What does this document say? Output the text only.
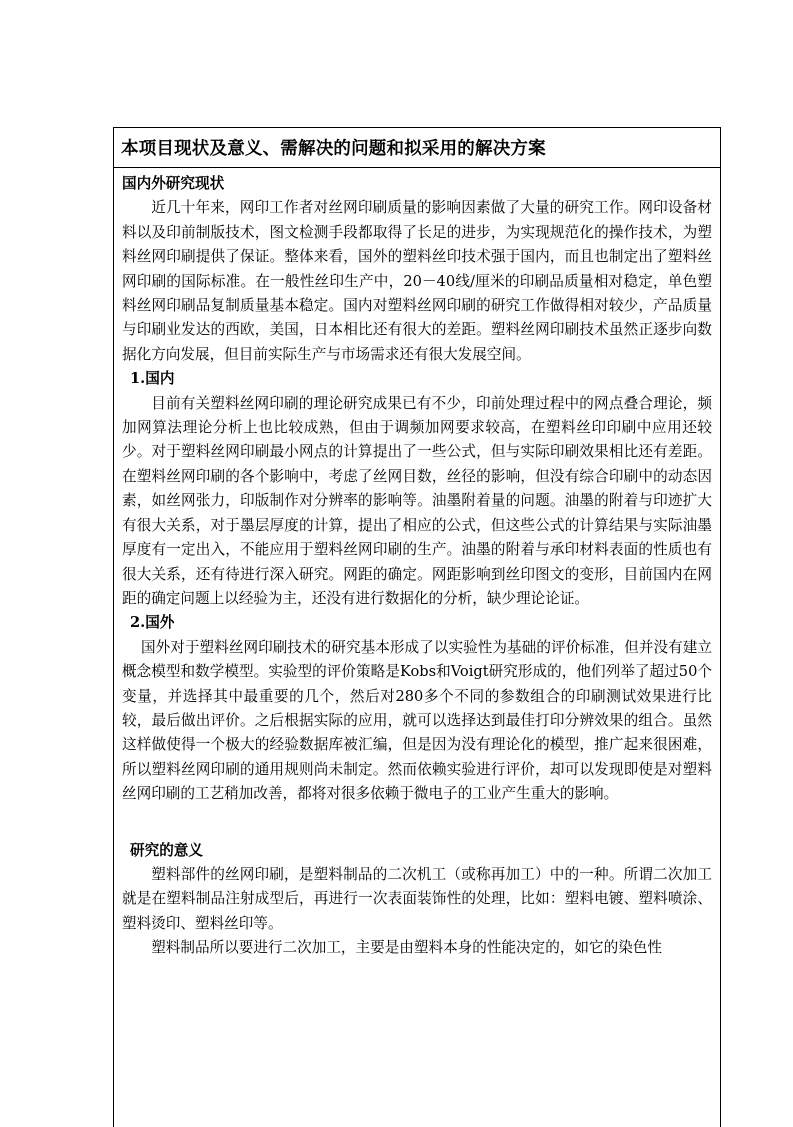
本项目现状及意义、需解决的问题和拟采用的解决方案

国内外研究现状

近几十年来，网印工作者对丝网印刷质量的影响因素做了大量的研究工作。网印设备材料以及印前制版技术，图文检测手段都取得了长足的进步，为实现规范化的操作技术，为塑料丝网印刷提供了保证。整体来看，国外的塑料丝印技术强于国内，而且也制定出了塑料丝网印刷的国际标准。在一般性丝印生产中，20－40线/厘米的印刷品质量相对稳定，单色塑料丝网印刷品复制质量基本稳定。国内对塑料丝网印刷的研究工作做得相对较少，产品质量与印刷业发达的西欧，美国，日本相比还有很大的差距。塑料丝网印刷技术虽然正逐步向数据化方向发展，但目前实际生产与市场需求还有很大发展空间。

1.国内

目前有关塑料丝网印刷的理论研究成果已有不少，印前处理过程中的网点叠合理论，频加网算法理论分析上也比较成熟，但由于调频加网要求较高，在塑料丝印印刷中应用还较少。对于塑料丝网印刷最小网点的计算提出了一些公式，但与实际印刷效果相比还有差距。在塑料丝网印刷的各个影响中，考虑了丝网目数，丝径的影响，但没有综合印刷中的动态因素，如丝网张力，印版制作对分辨率的影响等。油墨附着量的问题。油墨的附着与印迹扩大有很大关系，对于墨层厚度的计算，提出了相应的公式，但这些公式的计算结果与实际油墨厚度有一定出入，不能应用于塑料丝网印刷的生产。油墨的附着与承印材料表面的性质也有很大关系，还有待进行深入研究。网距的确定。网距影响到丝印图文的变形，目前国内在网距的确定问题上以经验为主，还没有进行数据化的分析，缺少理论论证。

2.国外

国外对于塑料丝网印刷技术的研究基本形成了以实验性为基础的评价标准，但并没有建立概念模型和数学模型。实验型的评价策略是Kobs和Voigt研究形成的，他们列举了超过50个变量，并选择其中最重要的几个，然后对280多个不同的参数组合的印刷测试效果进行比较，最后做出评价。之后根据实际的应用，就可以选择达到最佳打印分辨效果的组合。虽然这样做使得一个极大的经验数据库被汇编，但是因为没有理论化的模型，推广起来很困难，所以塑料丝网印刷的通用规则尚未制定。然而依赖实验进行评价，却可以发现即使是对塑料丝网印刷的工艺稍加改善，都将对很多依赖于微电子的工业产生重大的影响。

研究的意义

塑料部件的丝网印刷，是塑料制品的二次机工（或称再加工）中的一种。所谓二次加工就是在塑料制品注射成型后，再进行一次表面装饰性的处理，比如：塑料电镀、塑料喷涂、塑料烫印、塑料丝印等。

塑料制品所以要进行二次加工，主要是由塑料本身的性能决定的，如它的染色性
